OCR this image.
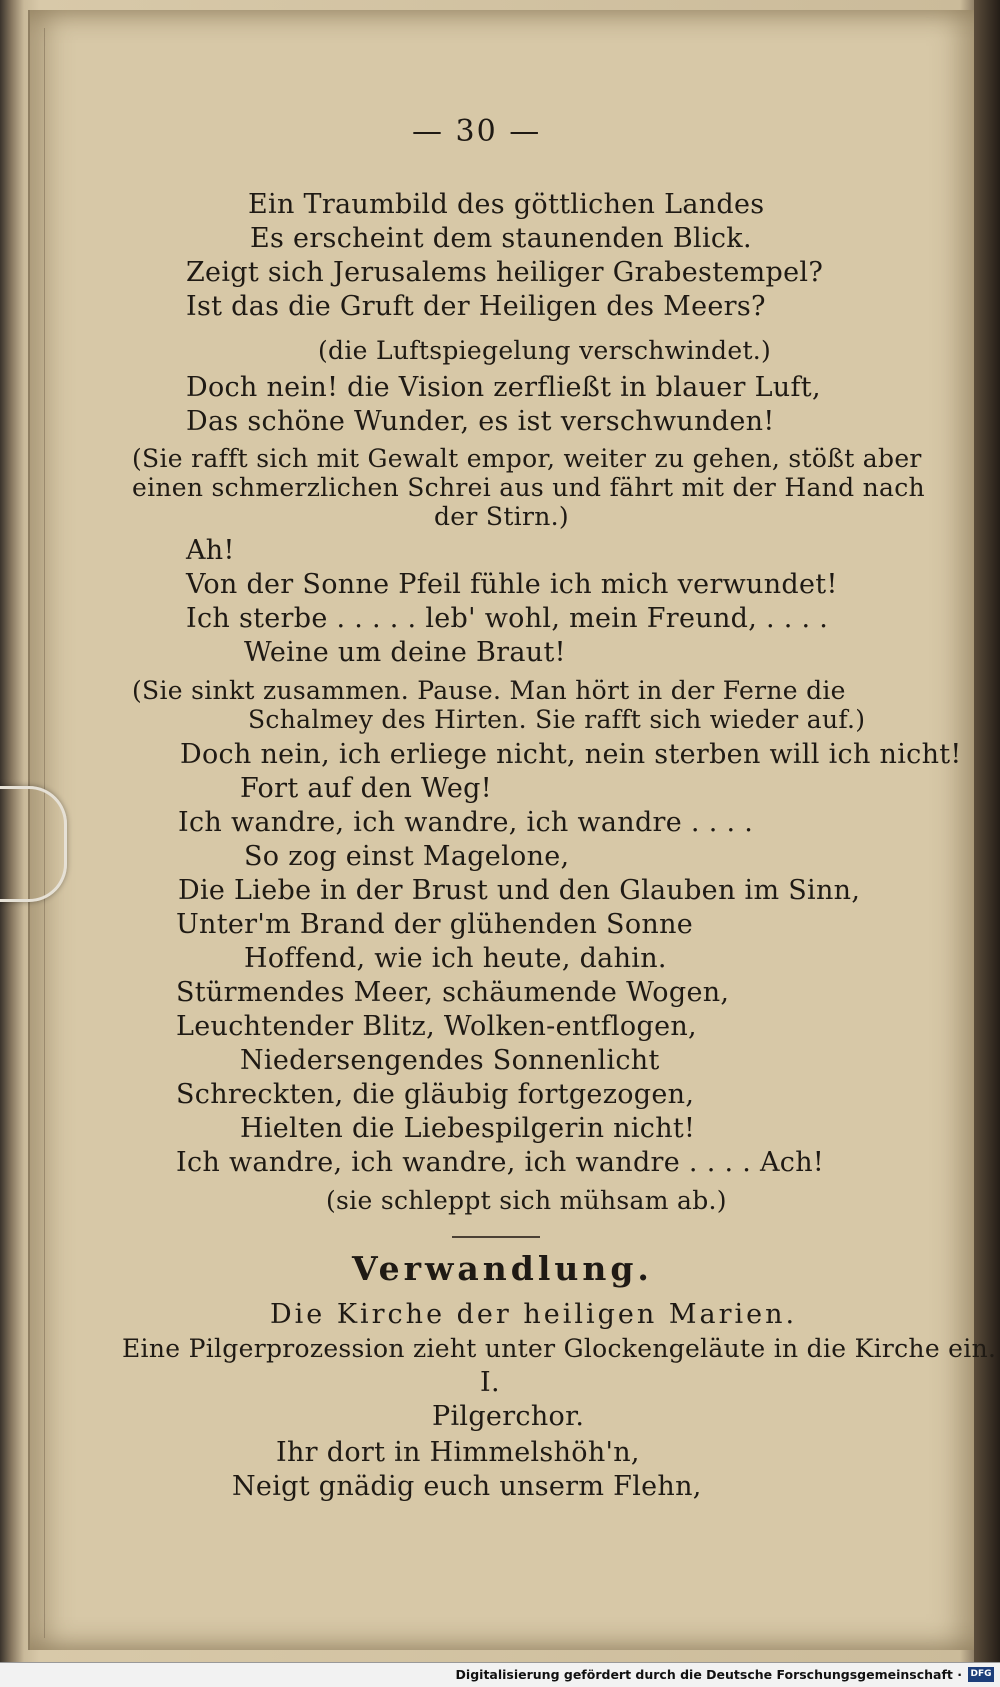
— 30 —
Ein Traumbild des göttlichen Landes
Es erscheint dem staunenden Blick.
Zeigt sich Jerusalems heiliger Grabestempel?
Ist das die Gruft der Heiligen des Meers?
(die Luftspiegelung verschwindet.)
Doch nein! die Vision zerfließt in blauer Luft,
Das schöne Wunder, es ist verschwunden!
(Sie rafft sich mit Gewalt empor, weiter zu gehen, stößt aber
einen schmerzlichen Schrei aus und fährt mit der Hand nach
der Stirn.)
Ah!
Von der Sonne Pfeil fühle ich mich verwundet!
Ich sterbe . . . . . leb' wohl, mein Freund, . . . .
Weine um deine Braut!
(Sie sinkt zusammen. Pause. Man hört in der Ferne die
Schalmey des Hirten. Sie rafft sich wieder auf.)
Doch nein, ich erliege nicht, nein sterben will ich nicht!
Fort auf den Weg!
Ich wandre, ich wandre, ich wandre . . . .
So zog einst Magelone,
Die Liebe in der Brust und den Glauben im Sinn,
Unter'm Brand der glühenden Sonne
Hoffend, wie ich heute, dahin.
Stürmendes Meer, schäumende Wogen,
Leuchtender Blitz, Wolken-entflogen,
Niedersengendes Sonnenlicht
Schreckten, die gläubig fortgezogen,
Hielten die Liebespilgerin nicht!
Ich wandre, ich wandre, ich wandre . . . . Ach!
(sie schleppt sich mühsam ab.)
Verwandlung.
Die Kirche der heiligen Marien.
Eine Pilgerprozession zieht unter Glockengeläute in die Kirche ein.
I.
Pilgerchor.
Ihr dort in Himmelshöh'n,
Neigt gnädig euch unserm Flehn,
Digitalisierung gefördert durch die Deutsche Forschungsgemeinschaft · DFG
